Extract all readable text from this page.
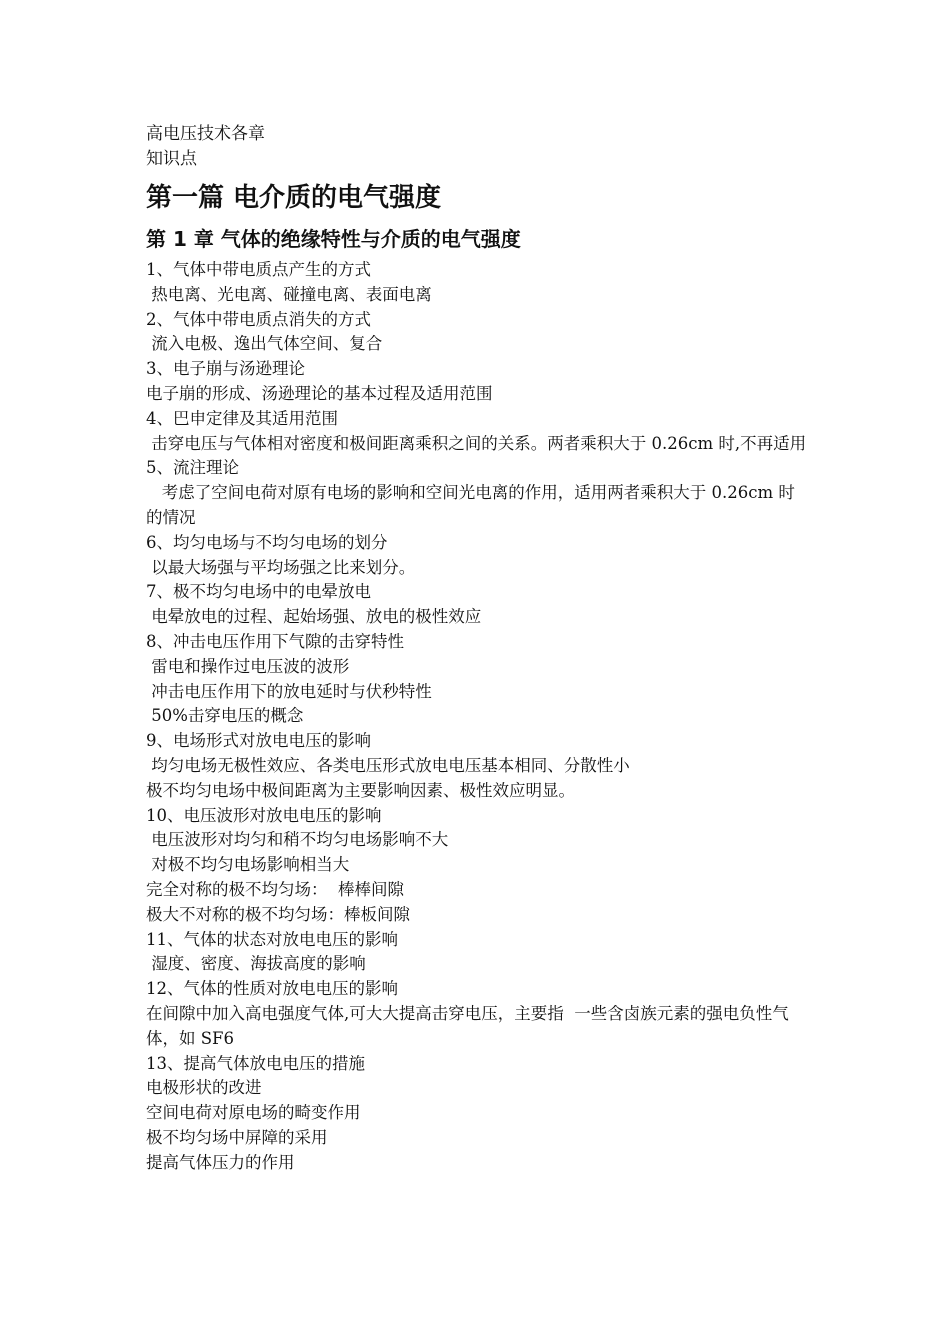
高电压技术各章

知识点

第一篇 电介质的电气强度
第 1 章 气体的绝缘特性与介质的电气强度

1、气体中带电质点产生的方式

热电离、光电离、碰撞电离、表面电离

2、气体中带电质点消失的方式

流入电极、逸出气体空间、复合

3、电子崩与汤逊理论

电子崩的形成、汤逊理论的基本过程及适用范围

4、巴申定律及其适用范围

击穿电压与气体相对密度和极间距离乘积之间的关系。两者乘积大于 0.26cm 时,不再适用

5、流注理论

考虑了空间电荷对原有电场的影响和空间光电离的作用，适用两者乘积大于 0.26cm 时的情况

6、均匀电场与不均匀电场的划分

以最大场强与平均场强之比来划分。

7、极不均匀电场中的电晕放电

电晕放电的过程、起始场强、放电的极性效应

8、冲击电压作用下气隙的击穿特性

雷电和操作过电压波的波形

冲击电压作用下的放电延时与伏秒特性

50%击穿电压的概念

9、电场形式对放电电压的影响

均匀电场无极性效应、各类电压形式放电电压基本相同、分散性小

极不均匀电场中极间距离为主要影响因素、极性效应明显。

10、电压波形对放电电压的影响

电压波形对均匀和稍不均匀电场影响不大

对极不均匀电场影响相当大

完全对称的极不均匀场：  棒棒间隙

极大不对称的极不均匀场：棒板间隙

11、气体的状态对放电电压的影响

湿度、密度、海拔高度的影响

12、气体的性质对放电电压的影响

在间隙中加入高电强度气体,可大大提高击穿电压，主要指  一些含卤族元素的强电负性气体，如 SF6

13、提高气体放电电压的措施

电极形状的改进

空间电荷对原电场的畸变作用

极不均匀场中屏障的采用

提高气体压力的作用
